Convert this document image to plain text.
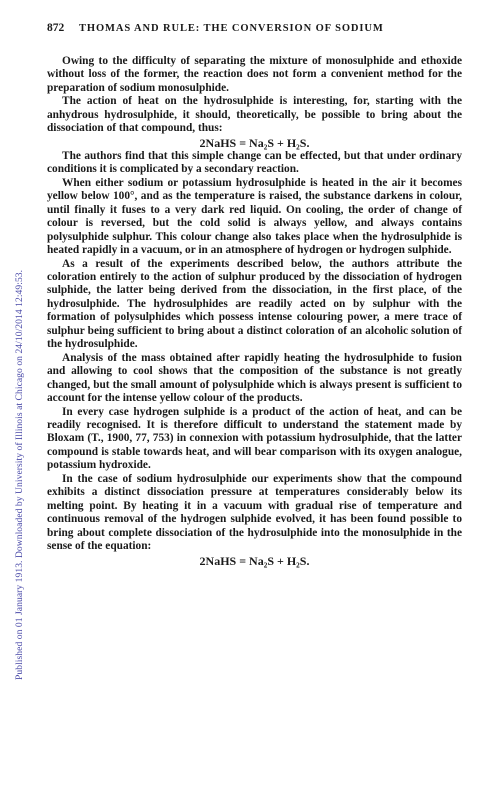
Published on 01 January 1913. Downloaded by University of Illinois at Chicago on 24/10/2014 12:49:53.
872	THOMAS AND RULE: THE CONVERSION OF SODIUM

Owing to the difficulty of separating the mixture of monosulphide and ethoxide without loss of the former, the reaction does not form a convenient method for the preparation of sodium monosulphide.

The action of heat on the hydrosulphide is interesting, for, starting with the anhydrous hydrosulphide, it should, theoretically, be possible to bring about the dissociation of that compound, thus:

2NaHS = Na₂S + H₂S.

The authors find that this simple change can be effected, but that under ordinary conditions it is complicated by a secondary reaction.

When either sodium or potassium hydrosulphide is heated in the air it becomes yellow below 100°, and as the temperature is raised, the substance darkens in colour, until finally it fuses to a very dark red liquid. On cooling, the order of change of colour is reversed, but the cold solid is always yellow, and always contains polysulphide sulphur. This colour change also takes place when the hydrosulphide is heated rapidly in a vacuum, or in an atmosphere of hydrogen or hydrogen sulphide.

As a result of the experiments described below, the authors attribute the coloration entirely to the action of sulphur produced by the dissociation of hydrogen sulphide, the latter being derived from the dissociation, in the first place, of the hydrosulphide. The hydrosulphides are readily acted on by sulphur with the formation of polysulphides which possess intense colouring power, a mere trace of sulphur being sufficient to bring about a distinct coloration of an alcoholic solution of the hydrosulphide.

Analysis of the mass obtained after rapidly heating the hydrosulphide to fusion and allowing to cool shows that the composition of the substance is not greatly changed, but the small amount of polysulphide which is always present is sufficient to account for the intense yellow colour of the products.

In every case hydrogen sulphide is a product of the action of heat, and can be readily recognised. It is therefore difficult to understand the statement made by Bloxam (T., 1900, 77, 753) in connexion with potassium hydrosulphide, that the latter compound is stable towards heat, and will bear comparison with its oxygen analogue, potassium hydroxide.

In the case of sodium hydrosulphide our experiments show that the compound exhibits a distinct dissociation pressure at temperatures considerably below its melting point. By heating it in a vacuum with gradual rise of temperature and continuous removal of the hydrogen sulphide evolved, it has been found possible to bring about complete dissociation of the hydrosulphide into the monosulphide in the sense of the equation:

2NaHS = Na₂S + H₂S.
